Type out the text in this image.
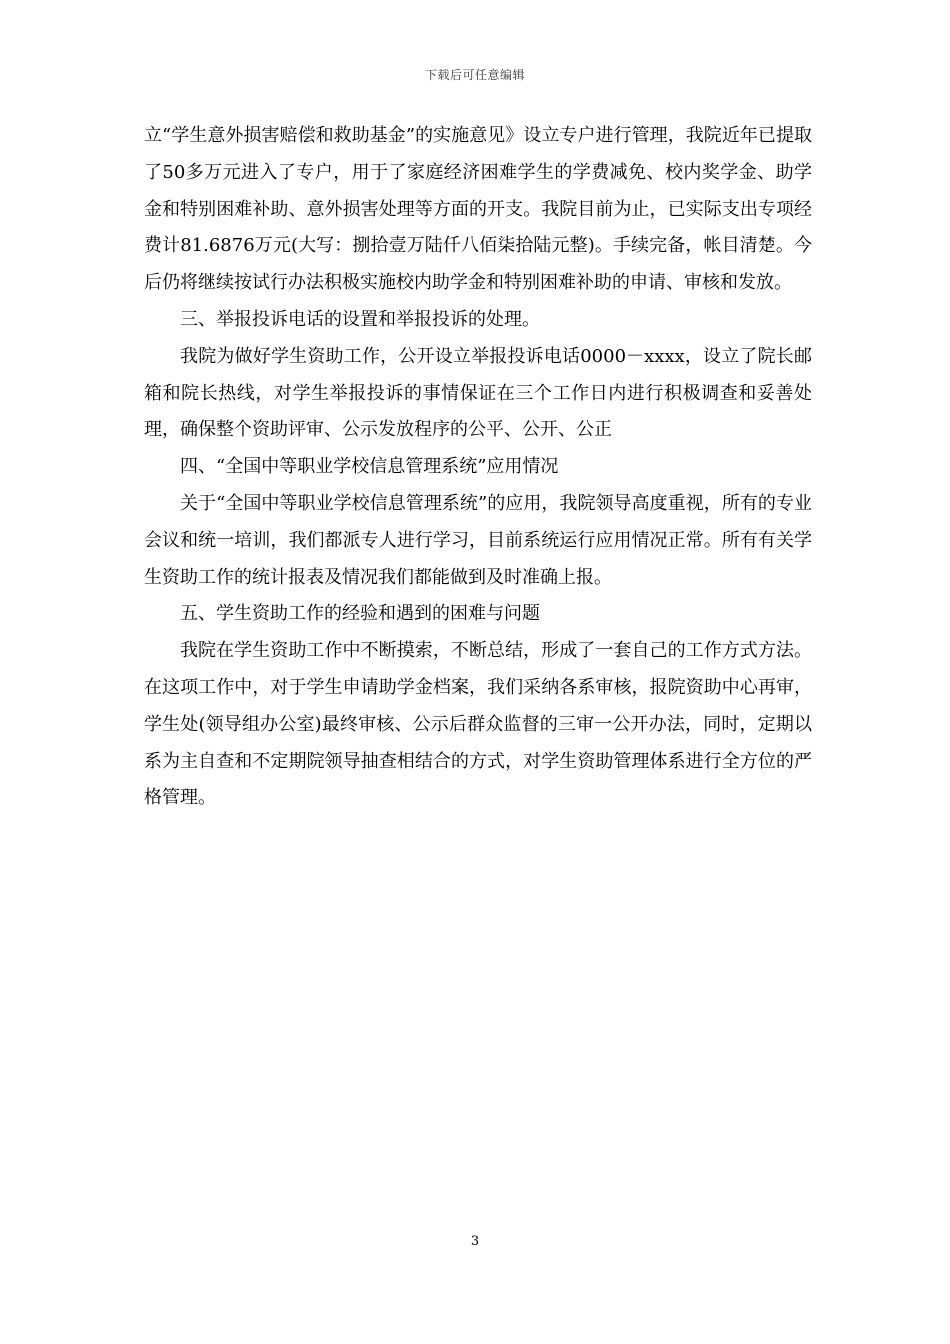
下载后可任意编辑

立“学生意外损害赔偿和救助基金”的实施意见》设立专户进行管理，我院近年已提取了50多万元进入了专户，用于了家庭经济困难学生的学费减免、校内奖学金、助学金和特别困难补助、意外损害处理等方面的开支。我院目前为止，已实际支出专项经费计81.6876万元(大写：捌拾壹万陆仟八佰柒拾陆元整)。手续完备，帐目清楚。今后仍将继续按试行办法积极实施校内助学金和特别困难补助的申请、审核和发放。

三、举报投诉电话的设置和举报投诉的处理。

我院为做好学生资助工作，公开设立举报投诉电话0000－xxxx，设立了院长邮箱和院长热线，对学生举报投诉的事情保证在三个工作日内进行积极调查和妥善处理，确保整个资助评审、公示发放程序的公平、公开、公正

四、“全国中等职业学校信息管理系统”应用情况

关于“全国中等职业学校信息管理系统”的应用，我院领导高度重视，所有的专业会议和统一培训，我们都派专人进行学习，目前系统运行应用情况正常。所有有关学生资助工作的统计报表及情况我们都能做到及时准确上报。

五、学生资助工作的经验和遇到的困难与问题

我院在学生资助工作中不断摸索，不断总结，形成了一套自己的工作方式方法。在这项工作中，对于学生申请助学金档案，我们采纳各系审核，报院资助中心再审，学生处(领导组办公室)最终审核、公示后群众监督的三审一公开办法，同时，定期以系为主自查和不定期院领导抽查相结合的方式，对学生资助管理体系进行全方位的严格管理。

3
